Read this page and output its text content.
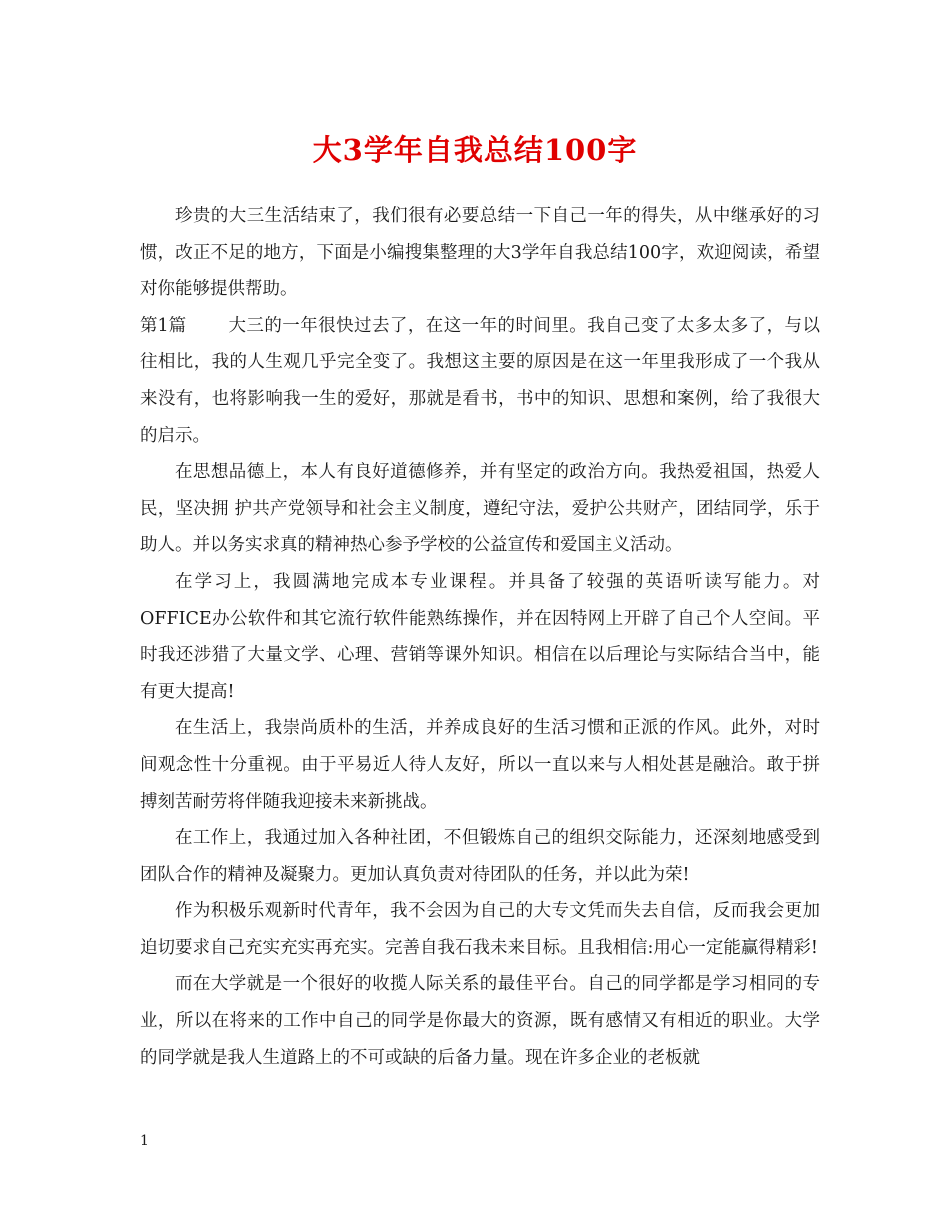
大3学年自我总结100字

珍贵的大三生活结束了，我们很有必要总结一下自己一年的得失，从中继承好的习惯，改正不足的地方，下面是小编搜集整理的大3学年自我总结100字，欢迎阅读，希望对你能够提供帮助。

第1篇 大三的一年很快过去了，在这一年的时间里。我自己变了太多太多了，与以往相比，我的人生观几乎完全变了。我想这主要的原因是在这一年里我形成了一个我从来没有，也将影响我一生的爱好，那就是看书，书中的知识、思想和案例，给了我很大的启示。

在思想品德上，本人有良好道德修养，并有坚定的政治方向。我热爱祖国，热爱人民，坚决拥 护共产党领导和社会主义制度，遵纪守法，爱护公共财产，团结同学，乐于助人。并以务实求真的精神热心参予学校的公益宣传和爱国主义活动。

在学习上，我圆满地完成本专业课程。并具备了较强的英语听读写能力。对OFFICE办公软件和其它流行软件能熟练操作，并在因特网上开辟了自己个人空间。平时我还涉猎了大量文学、心理、营销等课外知识。相信在以后理论与实际结合当中，能有更大提高!

在生活上，我崇尚质朴的生活，并养成良好的生活习惯和正派的作风。此外，对时间观念性十分重视。由于平易近人待人友好，所以一直以来与人相处甚是融洽。敢于拼搏刻苦耐劳将伴随我迎接未来新挑战。

在工作上，我通过加入各种社团，不但锻炼自己的组织交际能力，还深刻地感受到团队合作的精神及凝聚力。更加认真负责对待团队的任务，并以此为荣!

作为积极乐观新时代青年，我不会因为自己的大专文凭而失去自信，反而我会更加迫切要求自己充实充实再充实。完善自我石我未来目标。且我相信:用心一定能赢得精彩!

而在大学就是一个很好的收揽人际关系的最佳平台。自己的同学都是学习相同的专业，所以在将来的工作中自己的同学是你最大的资源，既有感情又有相近的职业。大学的同学就是我人生道路上的不可或缺的后备力量。现在许多企业的老板就

1
